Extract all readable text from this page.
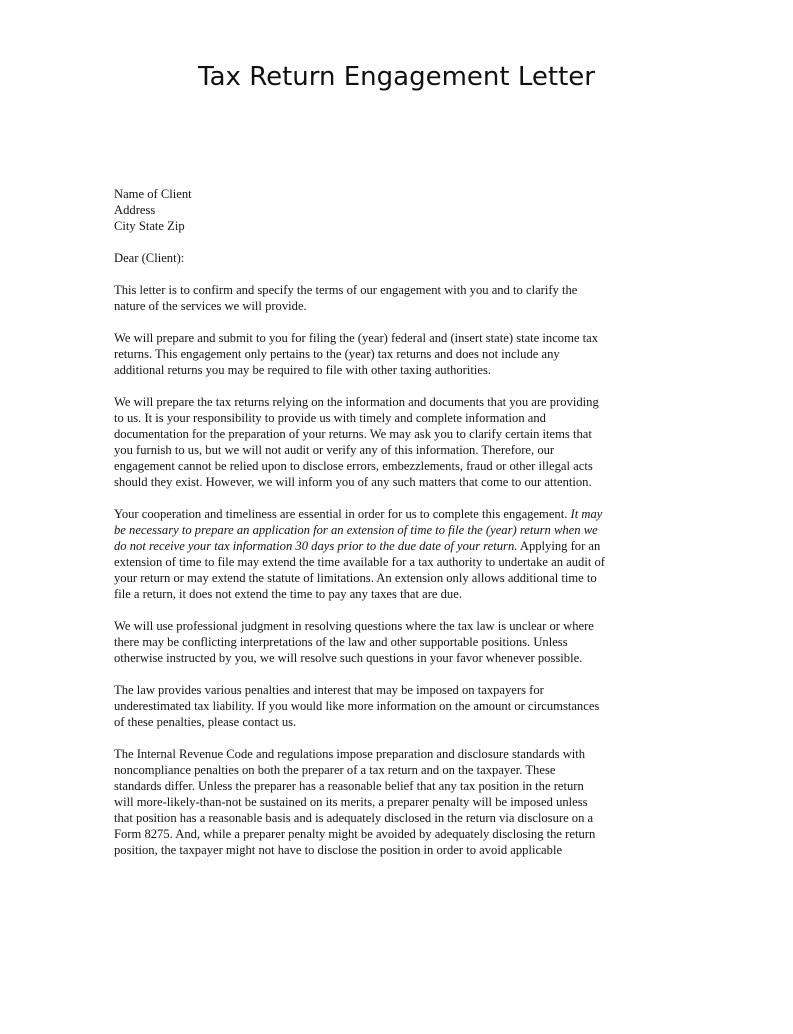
Tax Return Engagement Letter
Name of Client
Address
City State Zip
Dear (Client):

This letter is to confirm and specify the terms of our engagement with you and to clarify the
nature of the services we will provide.

We will prepare and submit to you for filing the (year) federal and (insert state) state income tax
returns. This engagement only pertains to the (year) tax returns and does not include any
additional returns you may be required to file with other taxing authorities.

We will prepare the tax returns relying on the information and documents that you are providing
to us. It is your responsibility to provide us with timely and complete information and
documentation for the preparation of your returns. We may ask you to clarify certain items that
you furnish to us, but we will not audit or verify any of this information. Therefore, our
engagement cannot be relied upon to disclose errors, embezzlements, fraud or other illegal acts
should they exist. However, we will inform you of any such matters that come to our attention.

Your cooperation and timeliness are essential in order for us to complete this engagement. It may
be necessary to prepare an application for an extension of time to file the (year) return when we
do not receive your tax information 30 days prior to the due date of your return. Applying for an
extension of time to file may extend the time available for a tax authority to undertake an audit of
your return or may extend the statute of limitations. An extension only allows additional time to
file a return, it does not extend the time to pay any taxes that are due.

We will use professional judgment in resolving questions where the tax law is unclear or where
there may be conflicting interpretations of the law and other supportable positions. Unless
otherwise instructed by you, we will resolve such questions in your favor whenever possible.

The law provides various penalties and interest that may be imposed on taxpayers for
underestimated tax liability. If you would like more information on the amount or circumstances
of these penalties, please contact us.

The Internal Revenue Code and regulations impose preparation and disclosure standards with
noncompliance penalties on both the preparer of a tax return and on the taxpayer. These
standards differ. Unless the preparer has a reasonable belief that any tax position in the return
will more-likely-than-not be sustained on its merits, a preparer penalty will be imposed unless
that position has a reasonable basis and is adequately disclosed in the return via disclosure on a
Form 8275. And, while a preparer penalty might be avoided by adequately disclosing the return
position, the taxpayer might not have to disclose the position in order to avoid applicable
